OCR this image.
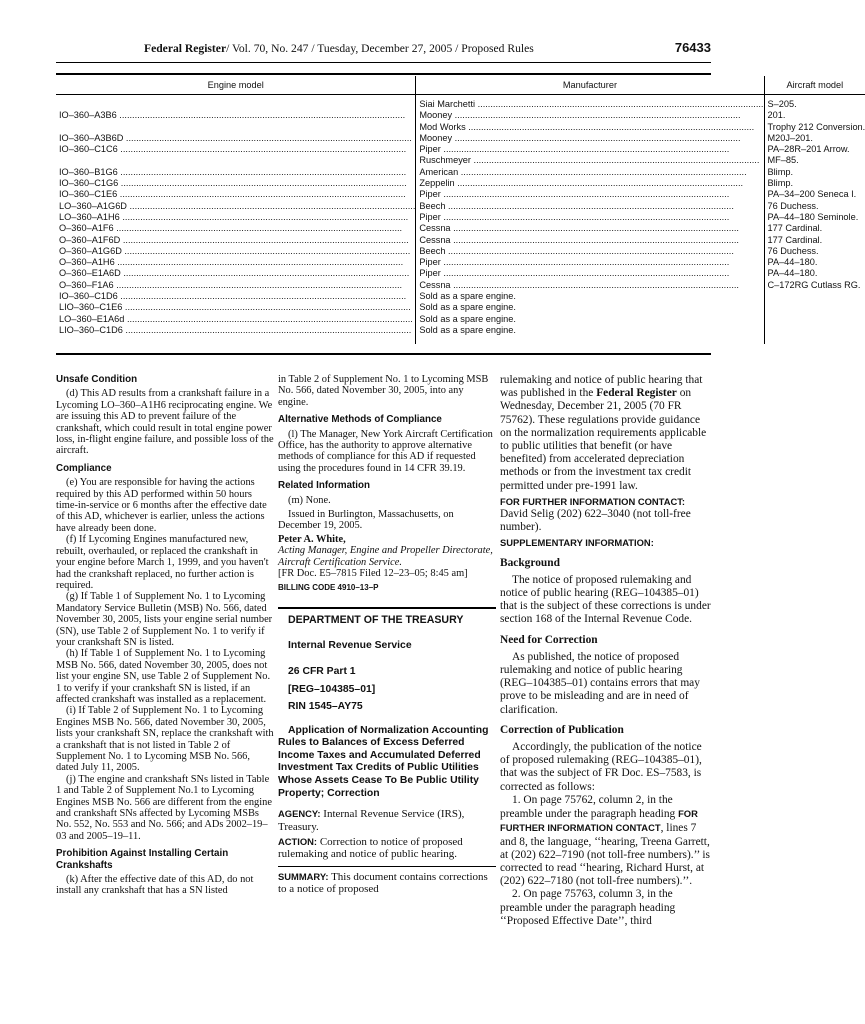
Federal Register/ Vol. 70, No. 247 / Tuesday, December 27, 2005 / Proposed Rules	76433
Engine model	Manufacturer	Aircraft model

	Siai Marchetti .....	S–205.

IO–360–A3B6 .....	Mooney .....	201.

	Mod Works .....	Trophy 212 Conversion.

IO–360–A3B6D .....	Mooney .....	M20J–201.

IO–360–C1C6 .....	Piper .....	PA–28R–201 Arrow.

	Ruschmeyer .....	MF–85.

IO–360–B1G6 .....	American .....	Blimp.

IO–360–C1G6 .....	Zeppelin .....	Blimp.

IO–360–C1E6 .....	Piper .....	PA–34–200 Seneca I.

LO–360–A1G6D .....	Beech .....	76 Duchess.

LO–360–A1H6 .....	Piper .....	PA–44–180 Seminole.

O–360–A1F6 .....	Cessna .....	177 Cardinal.

O–360–A1F6D .....	Cessna .....	177 Cardinal.

O–360–A1G6D .....	Beech .....	76 Duchess.

O–360–A1H6 .....	Piper .....	PA–44–180.

O–360–E1A6D .....	Piper .....	PA–44–180.

O–360–F1A6 .....	Cessna .....	C–172RG Cutlass RG.

IO–360–C1D6 .....	Sold as a spare engine.	

LIO–360–C1E6 .....	Sold as a spare engine.	

LO–360–E1A6d .....	Sold as a spare engine.	

LIO–360–C1D6 .....	Sold as a spare engine.	

Unsafe Condition

(d) This AD results from a crankshaft failure in a Lycoming LO–360–A1H6 reciprocating engine. We are issuing this AD to prevent failure of the crankshaft, which could result in total engine power loss, in-flight engine failure, and possible loss of the aircraft.

Compliance

(e) You are responsible for having the actions required by this AD performed within 50 hours time-in-service or 6 months after the effective date of this AD, whichever is earlier, unless the actions have already been done.

(f) If Lycoming Engines manufactured new, rebuilt, overhauled, or replaced the crankshaft in your engine before March 1, 1999, and you haven't had the crankshaft replaced, no further action is required.

(g) If Table 1 of Supplement No. 1 to Lycoming Mandatory Service Bulletin (MSB) No. 566, dated November 30, 2005, lists your engine serial number (SN), use Table 2 of Supplement No. 1 to verify if your crankshaft SN is listed.

(h) If Table 1 of Supplement No. 1 to Lycoming MSB No. 566, dated November 30, 2005, does not list your engine SN, use Table 2 of Supplement No. 1 to verify if your crankshaft SN is listed, if an affected crankshaft was installed as a replacement.

(i) If Table 2 of Supplement No. 1 to Lycoming Engines MSB No. 566, dated November 30, 2005, lists your crankshaft SN, replace the crankshaft with a crankshaft that is not listed in Table 2 of Supplement No. 1 to Lycoming MSB No. 566, dated July 11, 2005.

(j) The engine and crankshaft SNs listed in Table 1 and Table 2 of Supplement No.1 to Lycoming Engines MSB No. 566 are different from the engine and crankshaft SNs affected by Lycoming MSBs No. 552, No. 553 and No. 566; and ADs 2002–19–03 and 2005–19–11.

Prohibition Against Installing Certain Crankshafts

(k) After the effective date of this AD, do not install any crankshaft that has a SN listed

in Table 2 of Supplement No. 1 to Lycoming MSB No. 566, dated November 30, 2005, into any engine.

Alternative Methods of Compliance

(l) The Manager, New York Aircraft Certification Office, has the authority to approve alternative methods of compliance for this AD if requested using the procedures found in 14 CFR 39.19.

Related Information

(m) None.

Issued in Burlington, Massachusetts, on December 19, 2005.

Peter A. White,

Acting Manager, Engine and Propeller Directorate, Aircraft Certification Service.

[FR Doc. E5–7815 Filed 12–23–05; 8:45 am]

BILLING CODE 4910–13–P

DEPARTMENT OF THE TREASURY

Internal Revenue Service

26 CFR Part 1

[REG–104385–01]

RIN 1545–AY75

Application of Normalization Accounting Rules to Balances of Excess Deferred Income Taxes and Accumulated Deferred Investment Tax Credits of Public Utilities Whose Assets Cease To Be Public Utility Property; Correction

AGENCY: Internal Revenue Service (IRS), Treasury.

ACTION: Correction to notice of proposed rulemaking and notice of public hearing.

SUMMARY: This document contains corrections to a notice of proposed

rulemaking and notice of public hearing that was published in the Federal Register on Wednesday, December 21, 2005 (70 FR 75762). These regulations provide guidance on the normalization requirements applicable to public utilities that benefit (or have benefited) from accelerated depreciation methods or from the investment tax credit permitted under pre-1991 law.

FOR FURTHER INFORMATION CONTACT:

David Selig (202) 622–3040 (not toll-free number).

SUPPLEMENTARY INFORMATION:

Background

The notice of proposed rulemaking and notice of public hearing (REG–104385–01) that is the subject of these corrections is under section 168 of the Internal Revenue Code.

Need for Correction

As published, the notice of proposed rulemaking and notice of public hearing (REG–104385–01) contains errors that may prove to be misleading and are in need of clarification.

Correction of Publication

Accordingly, the publication of the notice of proposed rulemaking (REG–104385–01), that was the subject of FR Doc. ES–7583, is corrected as follows:

1. On page 75762, column 2, in the preamble under the paragraph heading FOR FURTHER INFORMATION CONTACT, lines 7 and 8, the language, ‘‘hearing, Treena Garrett, at (202) 622–7190 (not toll-free numbers).’’ is corrected to read ‘‘hearing, Richard Hurst, at (202) 622–7180 (not toll-free numbers).’’.

2. On page 75763, column 3, in the preamble under the paragraph heading ‘‘Proposed Effective Date’’, third
